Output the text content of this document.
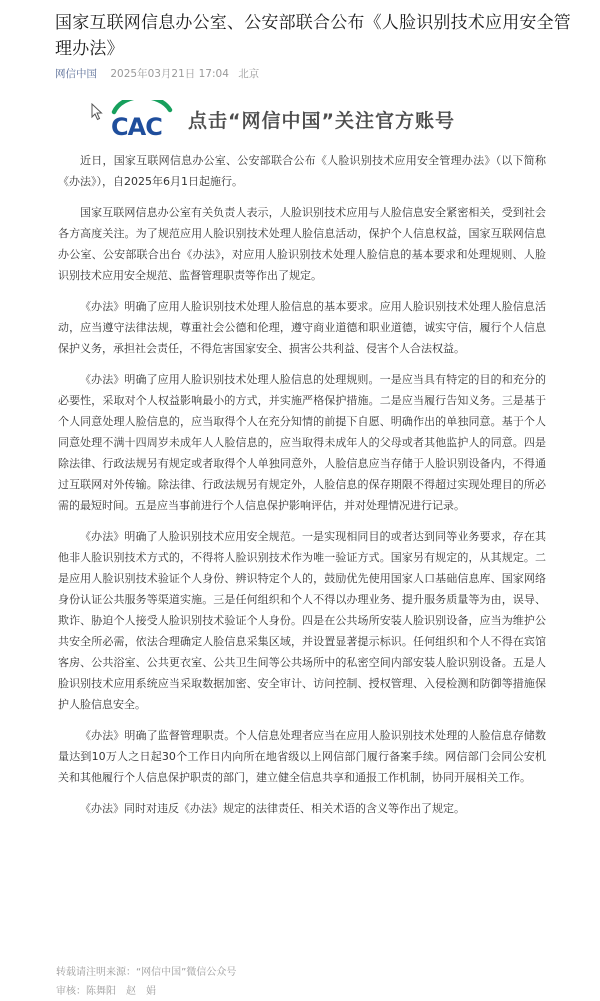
国家互联网信息办公室、公安部联合公布《人脸识别技术应用安全管理办法》
网信中国 2025年03月21日 17:04 北京
CAC 点击“网信中国”关注官方账号

近日，国家互联网信息办公室、公安部联合公布《人脸识别技术应用安全管理办法》（以下简称《办法》），自2025年6月1日起施行。

国家互联网信息办公室有关负责人表示，人脸识别技术应用与人脸信息安全紧密相关，受到社会各方高度关注。为了规范应用人脸识别技术处理人脸信息活动，保护个人信息权益，国家互联网信息办公室、公安部联合出台《办法》，对应用人脸识别技术处理人脸信息的基本要求和处理规则、人脸识别技术应用安全规范、监督管理职责等作出了规定。

《办法》明确了应用人脸识别技术处理人脸信息的基本要求。应用人脸识别技术处理人脸信息活动，应当遵守法律法规，尊重社会公德和伦理，遵守商业道德和职业道德，诚实守信，履行个人信息保护义务，承担社会责任，不得危害国家安全、损害公共利益、侵害个人合法权益。

《办法》明确了应用人脸识别技术处理人脸信息的处理规则。一是应当具有特定的目的和充分的必要性，采取对个人权益影响最小的方式，并实施严格保护措施。二是应当履行告知义务。三是基于个人同意处理人脸信息的，应当取得个人在充分知情的前提下自愿、明确作出的单独同意。基于个人同意处理不满十四周岁未成年人人脸信息的，应当取得未成年人的父母或者其他监护人的同意。四是除法律、行政法规另有规定或者取得个人单独同意外，人脸信息应当存储于人脸识别设备内，不得通过互联网对外传输。除法律、行政法规另有规定外，人脸信息的保存期限不得超过实现处理目的所必需的最短时间。五是应当事前进行个人信息保护影响评估，并对处理情况进行记录。

《办法》明确了人脸识别技术应用安全规范。一是实现相同目的或者达到同等业务要求，存在其他非人脸识别技术方式的，不得将人脸识别技术作为唯一验证方式。国家另有规定的，从其规定。二是应用人脸识别技术验证个人身份、辨识特定个人的，鼓励优先使用国家人口基础信息库、国家网络身份认证公共服务等渠道实施。三是任何组织和个人不得以办理业务、提升服务质量等为由，误导、欺诈、胁迫个人接受人脸识别技术验证个人身份。四是在公共场所安装人脸识别设备，应当为维护公共安全所必需，依法合理确定人脸信息采集区域，并设置显著提示标识。任何组织和个人不得在宾馆客房、公共浴室、公共更衣室、公共卫生间等公共场所中的私密空间内部安装人脸识别设备。五是人脸识别技术应用系统应当采取数据加密、安全审计、访问控制、授权管理、入侵检测和防御等措施保护人脸信息安全。

《办法》明确了监督管理职责。个人信息处理者应当在应用人脸识别技术处理的人脸信息存储数量达到10万人之日起30个工作日内向所在地省级以上网信部门履行备案手续。网信部门会同公安机关和其他履行个人信息保护职责的部门，建立健全信息共享和通报工作机制，协同开展相关工作。

《办法》同时对违反《办法》规定的法律责任、相关术语的含义等作出了规定。

转载请注明来源：“网信中国”微信公众号
审核：陈舞阳　赵　娟
